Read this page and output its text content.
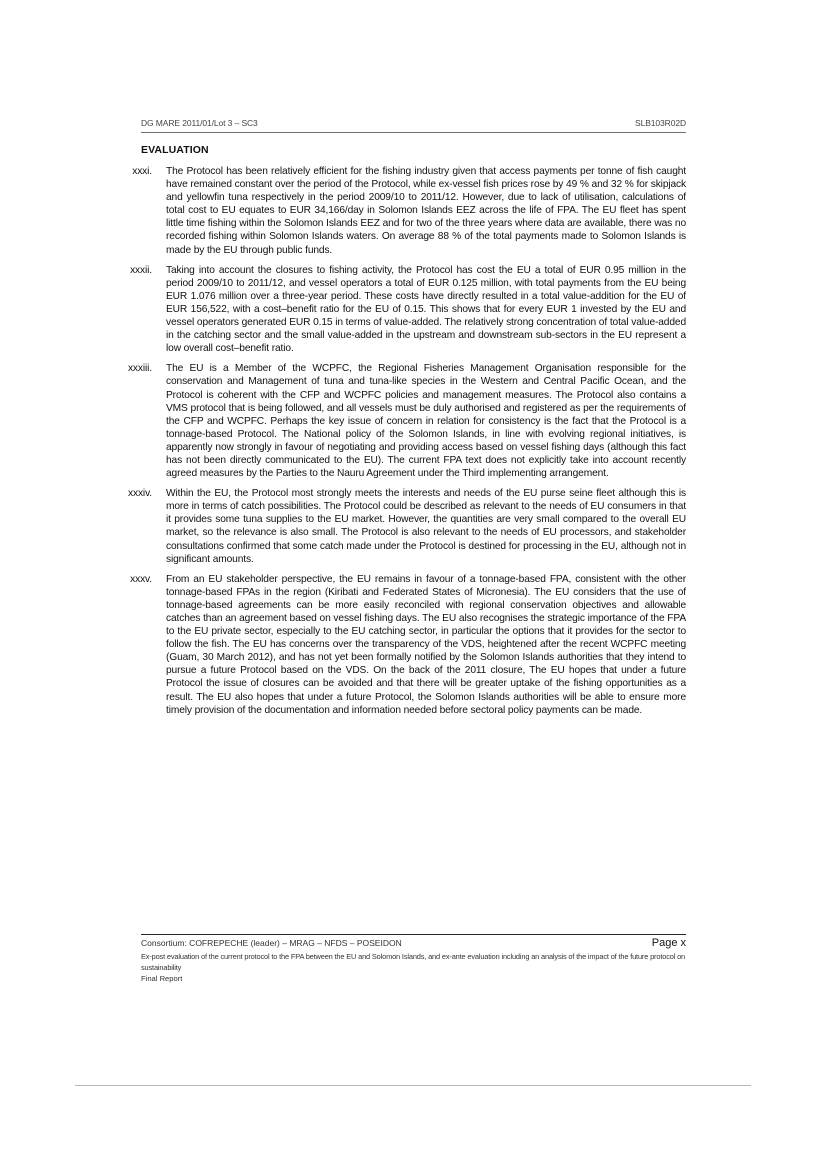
DG MARE 2011/01/Lot 3 – SC3	SLB103R02D
EVALUATION
xxxi. The Protocol has been relatively efficient for the fishing industry given that access payments per tonne of fish caught have remained constant over the period of the Protocol, while ex-vessel fish prices rose by 49 % and 32 % for skipjack and yellowfin tuna respectively in the period 2009/10 to 2011/12. However, due to lack of utilisation, calculations of total cost to EU equates to EUR 34,166/day in Solomon Islands EEZ across the life of FPA. The EU fleet has spent little time fishing within the Solomon Islands EEZ and for two of the three years where data are available, there was no recorded fishing within Solomon Islands waters. On average 88 % of the total payments made to Solomon Islands is made by the EU through public funds.
xxxii. Taking into account the closures to fishing activity, the Protocol has cost the EU a total of EUR 0.95 million in the period 2009/10 to 2011/12, and vessel operators a total of EUR 0.125 million, with total payments from the EU being EUR 1.076 million over a three-year period. These costs have directly resulted in a total value-addition for the EU of EUR 156,522, with a cost–benefit ratio for the EU of 0.15. This shows that for every EUR 1 invested by the EU and vessel operators generated EUR 0.15 in terms of value-added. The relatively strong concentration of total value-added in the catching sector and the small value-added in the upstream and downstream sub-sectors in the EU represent a low overall cost–benefit ratio.
xxxiii. The EU is a Member of the WCPFC, the Regional Fisheries Management Organisation responsible for the conservation and Management of tuna and tuna-like species in the Western and Central Pacific Ocean, and the Protocol is coherent with the CFP and WCPFC policies and management measures. The Protocol also contains a VMS protocol that is being followed, and all vessels must be duly authorised and registered as per the requirements of the CFP and WCPFC. Perhaps the key issue of concern in relation for consistency is the fact that the Protocol is a tonnage-based Protocol. The National policy of the Solomon Islands, in line with evolving regional initiatives, is apparently now strongly in favour of negotiating and providing access based on vessel fishing days (although this fact has not been directly communicated to the EU). The current FPA text does not explicitly take into account recently agreed measures by the Parties to the Nauru Agreement under the Third implementing arrangement.
xxxiv. Within the EU, the Protocol most strongly meets the interests and needs of the EU purse seine fleet although this is more in terms of catch possibilities. The Protocol could be described as relevant to the needs of EU consumers in that it provides some tuna supplies to the EU market. However, the quantities are very small compared to the overall EU market, so the relevance is also small. The Protocol is also relevant to the needs of EU processors, and stakeholder consultations confirmed that some catch made under the Protocol is destined for processing in the EU, although not in significant amounts.
xxxv. From an EU stakeholder perspective, the EU remains in favour of a tonnage-based FPA, consistent with the other tonnage-based FPAs in the region (Kiribati and Federated States of Micronesia). The EU considers that the use of tonnage-based agreements can be more easily reconciled with regional conservation objectives and allowable catches than an agreement based on vessel fishing days. The EU also recognises the strategic importance of the FPA to the EU private sector, especially to the EU catching sector, in particular the options that it provides for the sector to follow the fish. The EU has concerns over the transparency of the VDS, heightened after the recent WCPFC meeting (Guam, 30 March 2012), and has not yet been formally notified by the Solomon Islands authorities that they intend to pursue a future Protocol based on the VDS. On the back of the 2011 closure, The EU hopes that under a future Protocol the issue of closures can be avoided and that there will be greater uptake of the fishing opportunities as a result. The EU also hopes that under a future Protocol, the Solomon Islands authorities will be able to ensure more timely provision of the documentation and information needed before sectoral policy payments can be made.
Consortium: COFREPECHE (leader) – MRAG – NFDS – POSEIDON	Page x
Ex-post evaluation of the current protocol to the FPA between the EU and Solomon Islands, and ex-ante evaluation including an analysis of the impact of the future protocol on sustainability
Final Report
